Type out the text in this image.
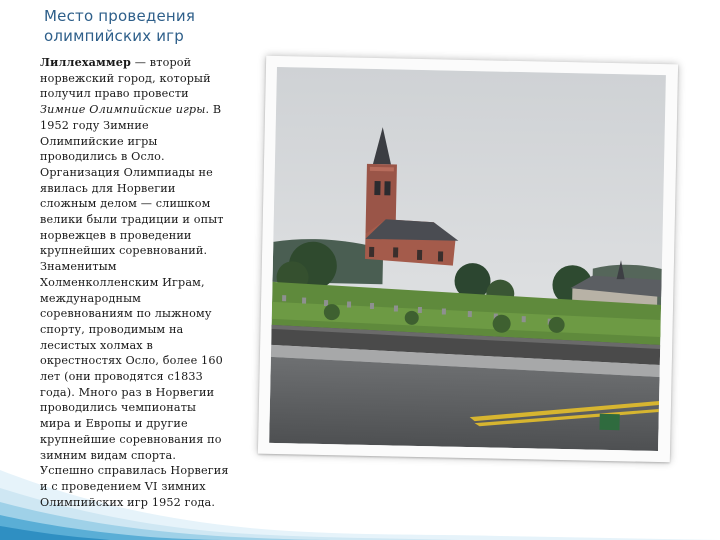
Место проведения олимпийских игр
Лиллехаммер — второй норвежский город, который получил право провести Зимние Олимпийские игры. В 1952 году Зимние Олимпийские игры проводились в Осло. Организация Олимпиады не явилась для Норвегии сложным делом — слишком велики были традиции и опыт норвежцев в проведении крупнейших соревнований. Знаменитым Холменколленским Играм, международным соревнованиям по лыжному спорту, проводимым на лесистых холмах в окрестностях Осло, более 160 лет (они проводятся с1833 года). Много раз в Норвегии проводились чемпионаты мира и Европы и другие крупнейшие соревнования по зимним видам спорта. Успешно справилась Норвегия и с проведением VI зимних Олимпийских игр 1952 года.
